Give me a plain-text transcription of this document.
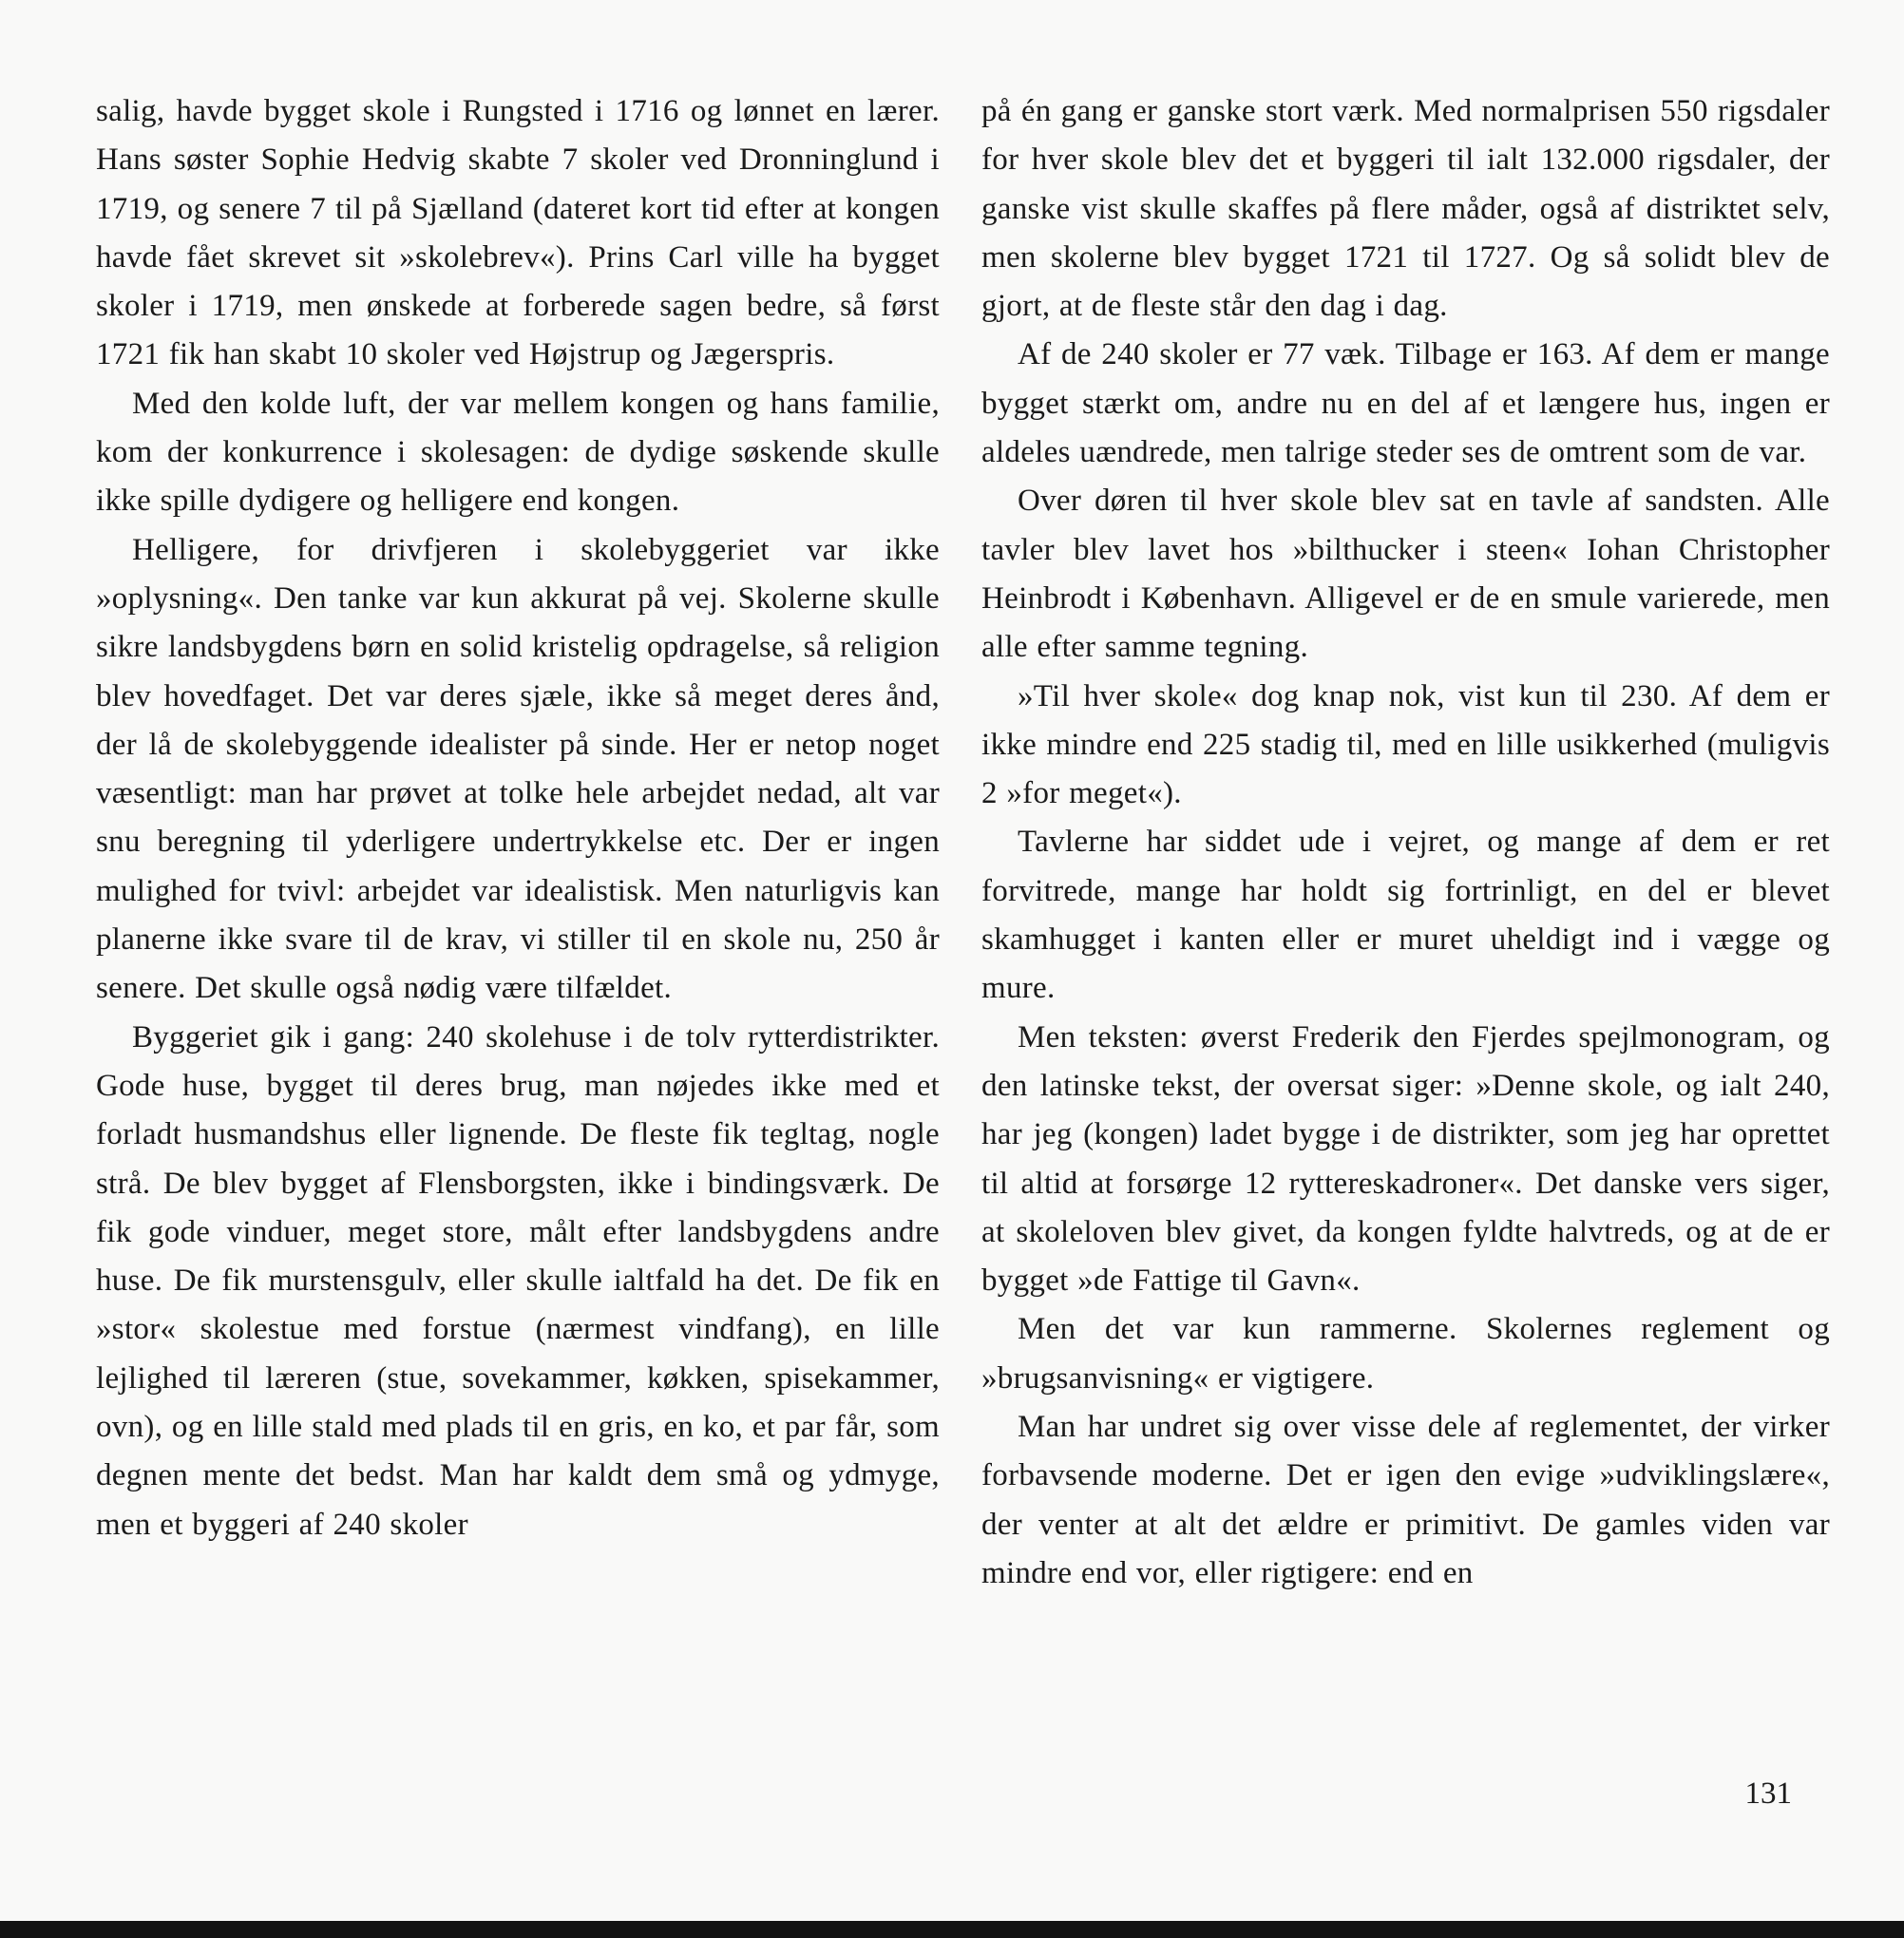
salig, havde bygget skole i Rungsted i 1716 og lønnet en lærer. Hans søster Sophie Hedvig skabte 7 skoler ved Dronninglund i 1719, og senere 7 til på Sjælland (dateret kort tid efter at kongen havde fået skrevet sit »skolebrev«). Prins Carl ville ha bygget skoler i 1719, men ønskede at forberede sagen bedre, så først 1721 fik han skabt 10 skoler ved Højstrup og Jægerspris.

Med den kolde luft, der var mellem kongen og hans familie, kom der konkurrence i skolesagen: de dydige søskende skulle ikke spille dydigere og helligere end kongen.

Helligere, for drivfjeren i skolebyggeriet var ikke »oplysning«. Den tanke var kun akkurat på vej. Skolerne skulle sikre landsbygdens børn en solid kristelig opdragelse, så religion blev hovedfaget. Det var deres sjæle, ikke så meget deres ånd, der lå de skolebyggende idealister på sinde. Her er netop noget væsentligt: man har prøvet at tolke hele arbejdet nedad, alt var snu beregning til yderligere undertrykkelse etc. Der er ingen mulighed for tvivl: arbejdet var idealistisk. Men naturligvis kan planerne ikke svare til de krav, vi stiller til en skole nu, 250 år senere. Det skulle også nødig være tilfældet.

Byggeriet gik i gang: 240 skolehuse i de tolv rytterdistrikter. Gode huse, bygget til deres brug, man nøjedes ikke med et forladt husmandshus eller lignende. De fleste fik tegltag, nogle strå. De blev bygget af Flensborgsten, ikke i bindingsværk. De fik gode vinduer, meget store, målt efter landsbygdens andre huse. De fik murstensgulv, eller skulle ialtfald ha det. De fik en »stor« skolestue med forstue (nærmest vindfang), en lille lejlighed til læreren (stue, sovekammer, køkken, spisekammer, ovn), og en lille stald med plads til en gris, en ko, et par får, som degnen mente det bedst. Man har kaldt dem små og ydmyge, men et byggeri af 240 skoler

på én gang er ganske stort værk. Med normalprisen 550 rigsdaler for hver skole blev det et byggeri til ialt 132.000 rigsdaler, der ganske vist skulle skaffes på flere måder, også af distriktet selv, men skolerne blev bygget 1721 til 1727. Og så solidt blev de gjort, at de fleste står den dag i dag.

Af de 240 skoler er 77 væk. Tilbage er 163. Af dem er mange bygget stærkt om, andre nu en del af et længere hus, ingen er aldeles uændrede, men talrige steder ses de omtrent som de var.

Over døren til hver skole blev sat en tavle af sandsten. Alle tavler blev lavet hos »bilthucker i steen« Iohan Christopher Heinbrodt i København. Alligevel er de en smule varierede, men alle efter samme tegning.

»Til hver skole« dog knap nok, vist kun til 230. Af dem er ikke mindre end 225 stadig til, med en lille usikkerhed (muligvis 2 »for meget«).

Tavlerne har siddet ude i vejret, og mange af dem er ret forvitrede, mange har holdt sig fortrinligt, en del er blevet skamhugget i kanten eller er muret uheldigt ind i vægge og mure.

Men teksten: øverst Frederik den Fjerdes spejlmonogram, og den latinske tekst, der oversat siger: »Denne skole, og ialt 240, har jeg (kongen) ladet bygge i de distrikter, som jeg har oprettet til altid at forsørge 12 ryttereskadroner«. Det danske vers siger, at skoleloven blev givet, da kongen fyldte halvtreds, og at de er bygget »de Fattige til Gavn«.

Men det var kun rammerne. Skolernes reglement og »brugsanvisning« er vigtigere.

Man har undret sig over visse dele af reglementet, der virker forbavsende moderne. Det er igen den evige »udviklingslære«, der venter at alt det ældre er primitivt. De gamles viden var mindre end vor, eller rigtigere: end en

131
